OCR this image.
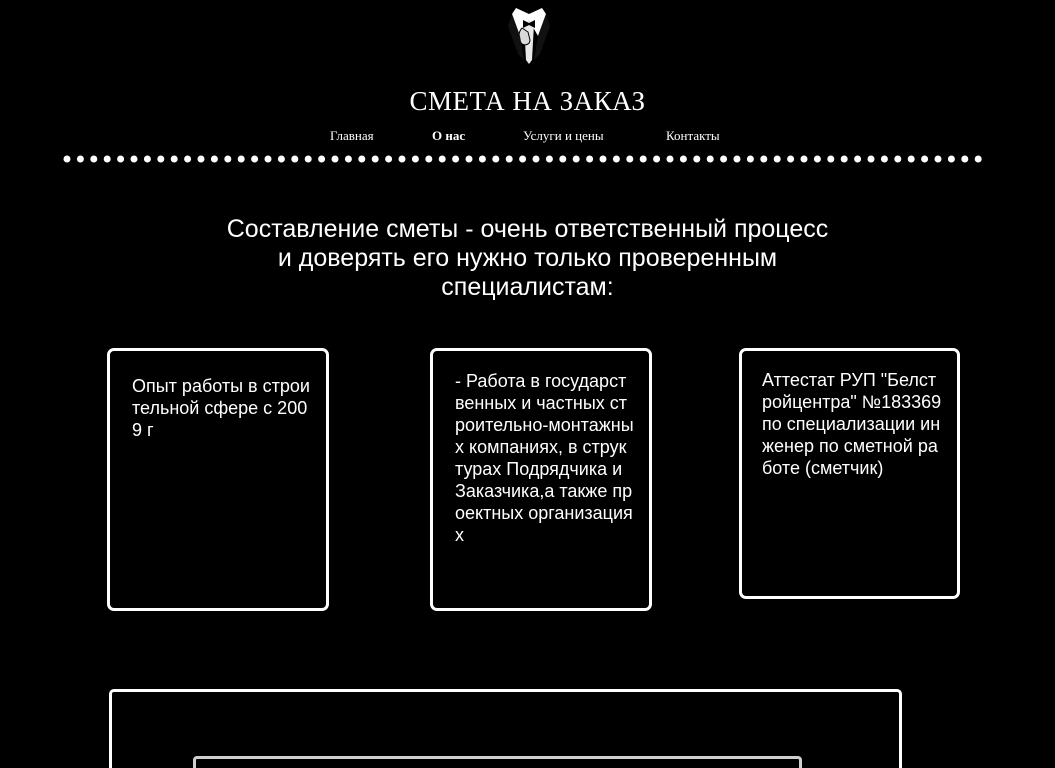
СМЕТА НА ЗАКАЗ
Главная	О нас	Услуги и цены	Контакты
Составление сметы - очень ответственный процесс
и доверять его нужно только проверенным
специалистам:
Опыт работы в строительной сфере с 2009 г
- Работа в государственных и частных строительно-монтажных компаниях, в структурах Подрядчика и Заказчика,а также проектных организациях
Аттестат РУП "Белстройцентра" №183369 по специализации инженер по сметной работе (сметчик)
